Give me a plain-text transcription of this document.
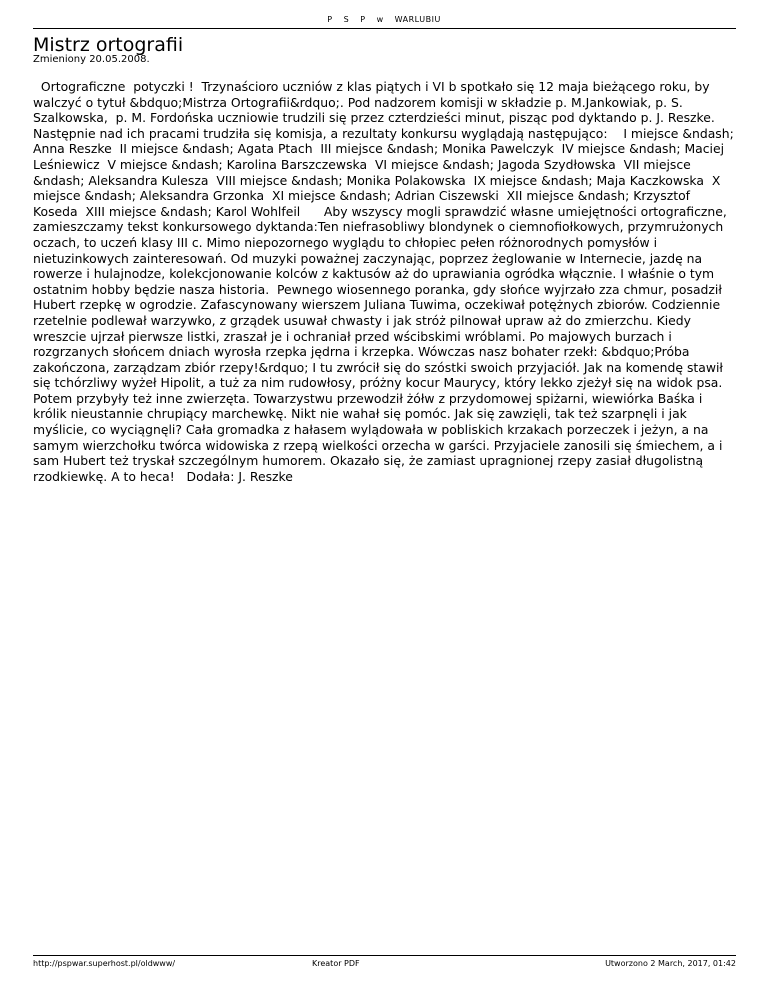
P S P w WARLUBIU
Mistrz ortografii
Zmieniony 20.05.2008.

Ortograficzne  potyczki !  Trzynaścioro uczniów z klas piątych i VI b spotkało się 12 maja bieżącego roku, by walczyć o tytuł &bdquo;Mistrza Ortografii&rdquo;. Pod nadzorem komisji w składzie p. M.Jankowiak, p. S. Szalkowska,  p. M. Fordońska uczniowie trudzili się przez czterdzieści minut, pisząc pod dyktando p. J. Reszke. Następnie nad ich pracami trudziła się komisja, a rezultaty konkursu wyglądają następująco:    I miejsce &ndash; Anna Reszke  II miejsce &ndash; Agata Ptach  III miejsce &ndash; Monika Pawelczyk  IV miejsce &ndash; Maciej Leśniewicz  V miejsce &ndash; Karolina Barszczewska  VI miejsce &ndash; Jagoda Szydłowska  VII miejsce &ndash; Aleksandra Kulesza  VIII miejsce &ndash; Monika Polakowska  IX miejsce &ndash; Maja Kaczkowska  X miejsce &ndash; Aleksandra Grzonka  XI miejsce &ndash; Adrian Ciszewski  XII miejsce &ndash; Krzysztof Koseda  XIII miejsce &ndash; Karol Wohlfeil      Aby wszyscy mogli sprawdzić własne umiejętności ortograficzne, zamieszczamy tekst konkursowego dyktanda:Ten niefrasobliwy blondynek o ciemnofiołkowych, przymrużonych oczach, to uczeń klasy III c. Mimo niepozornego wyglądu to chłopiec pełen różnorodnych pomysłów i nietuzinkowych zainteresowań. Od muzyki poważnej zaczynając, poprzez żeglowanie w Internecie, jazdę na rowerze i hulajnodze, kolekcjonowanie kolców z kaktusów aż do uprawiania ogródka włącznie. I właśnie o tym ostatnim hobby będzie nasza historia.  Pewnego wiosennego poranka, gdy słońce wyjrzało zza chmur, posadził Hubert rzepkę w ogrodzie. Zafascynowany wierszem Juliana Tuwima, oczekiwał potężnych zbiorów. Codziennie rzetelnie podlewał warzywko, z grządek usuwał chwasty i jak stróż pilnował upraw aż do zmierzchu. Kiedy wreszcie ujrzał pierwsze listki, zraszał je i ochraniał przed wścibskimi wróblami. Po majowych burzach i rozgrzanych słońcem dniach wyrosła rzepka jędrna i krzepka. Wówczas nasz bohater rzekł: &bdquo;Próba zakończona, zarządzam zbiór rzepy!&rdquo; I tu zwrócił się do szóstki swoich przyjaciół. Jak na komendę stawił się tchórzliwy wyżeł Hipolit, a tuż za nim rudowłosy, próżny kocur Maurycy, który lekko zjeżył się na widok psa. Potem przybyły też inne zwierzęta. Towarzystwu przewodził żółw z przydomowej spiżarni, wiewiórka Baśka i królik nieustannie chrupiący marchewkę. Nikt nie wahał się pomóc. Jak się zawzięli, tak też szarpnęli i jak myślicie, co wyciągnęli? Cała gromadka z hałasem wylądowała w pobliskich krzakach porzeczek i jeżyn, a na samym wierzchołku twórca widowiska z rzepą wielkości orzecha w garści. Przyjaciele zanosili się śmiechem, a i sam Hubert też tryskał szczególnym humorem. Okazało się, że zamiast upragnionej rzepy zasiał długolistną rzodkiewkę. A to heca!   Dodała: J. Reszke

http://pspwar.superhost.pl/oldwww/	Kreator PDF	Utworzono 2 March, 2017, 01:42
